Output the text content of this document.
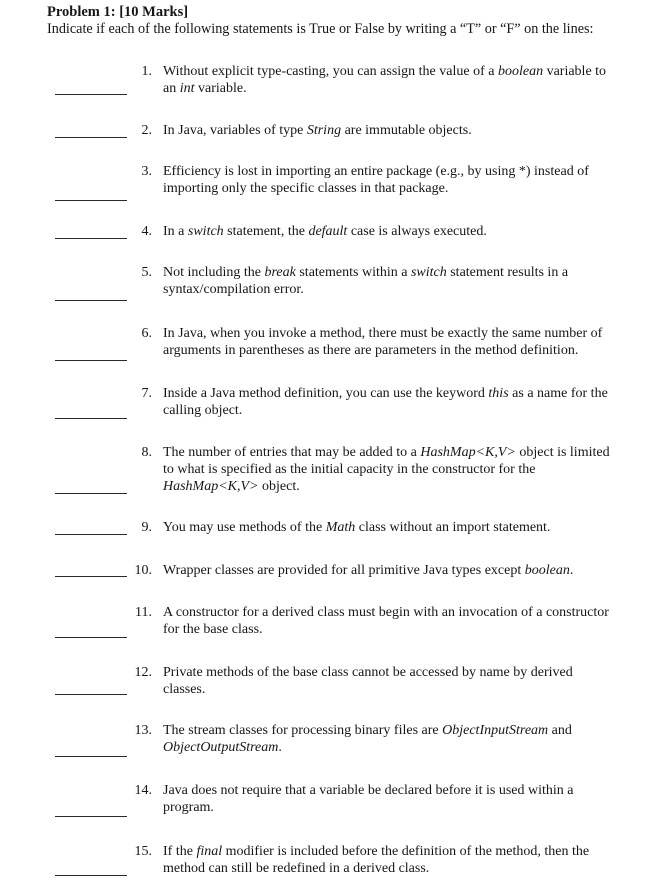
Problem 1: [10 Marks]
Indicate if each of the following statements is True or False by writing a “T” or “F” on the lines:
1. Without explicit type-casting, you can assign the value of a boolean variable to
an int variable.
2. In Java, variables of type String are immutable objects.
3. Efficiency is lost in importing an entire package (e.g., by using *) instead of
importing only the specific classes in that package.
4. In a switch statement, the default case is always executed.
5. Not including the break statements within a switch statement results in a
syntax/compilation error.
6. In Java, when you invoke a method, there must be exactly the same number of
arguments in parentheses as there are parameters in the method definition.
7. Inside a Java method definition, you can use the keyword this as a name for the
calling object.
8. The number of entries that may be added to a HashMap<K,V> object is limited
to what is specified as the initial capacity in the constructor for the
HashMap<K,V> object.
9. You may use methods of the Math class without an import statement.
10. Wrapper classes are provided for all primitive Java types except boolean.
11. A constructor for a derived class must begin with an invocation of a constructor
for the base class.
12. Private methods of the base class cannot be accessed by name by derived
classes.
13. The stream classes for processing binary files are ObjectInputStream and
ObjectOutputStream.
14. Java does not require that a variable be declared before it is used within a
program.
15. If the final modifier is included before the definition of the method, then the
method can still be redefined in a derived class.
